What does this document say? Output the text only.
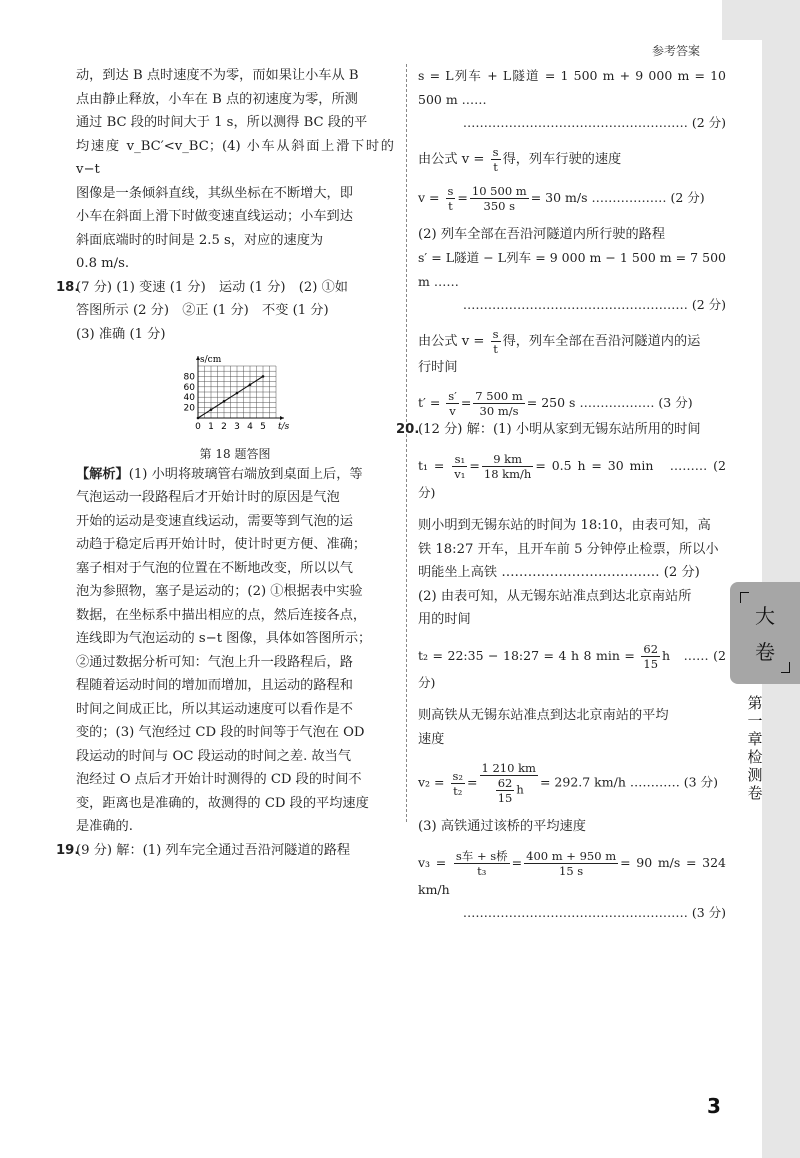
参考答案

动，到达 B 点时速度不为零，而如果让小车从 B

点由静止释放，小车在 B 点的初速度为零，所测

通过 BC 段的时间大于 1 s，所以测得 BC 段的平

均速度 v_BC′<v_BC；(4) 小车从斜面上滑下时的 v−t

图像是一条倾斜直线，其纵坐标在不断增大，即

小车在斜面上滑下时做变速直线运动；小车到达

斜面底端时的时间是 2.5 s，对应的速度为

0.8 m/s.

18.(7 分) (1) 变速 (1 分)　运动 (1 分)　(2) ①如

答图所示 (2 分)　②正 (1 分)　不变 (1 分)

(3) 准确 (1 分)

0 1 2 3 4 5
20
40
60
80
t/s
s/cm
第 18 题答图

【解析】(1) 小明将玻璃管右端放到桌面上后，等

气泡运动一段路程后才开始计时的原因是气泡

开始的运动是变速直线运动，需要等到气泡的运

动趋于稳定后再开始计时，使计时更方便、准确；

塞子相对于气泡的位置在不断地改变，所以以气

泡为参照物，塞子是运动的；(2) ①根据表中实验

数据，在坐标系中描出相应的点，然后连接各点，

连线即为气泡运动的 s−t 图像，具体如答图所示；

②通过数据分析可知：气泡上升一段路程后，路

程随着运动时间的增加而增加，且运动的路程和

时间之间成正比，所以其运动速度可以看作是不

变的；(3) 气泡经过 CD 段的时间等于气泡在 OD

段运动的时间与 OC 段运动的时间之差. 故当气

泡经过 O 点后才开始计时测得的 CD 段的时间不

变，距离也是准确的，故测得的 CD 段的平均速度

是准确的.

19.(9 分) 解：(1) 列车完全通过吾沿河隧道的路程

s = L列车 + L隧道 = 1 500 m + 9 000 m = 10 500 m ……

……………………………………………… (2 分)

由公式 $v = \frac{s}{t}$ 得，列车行驶的速度

$v = \frac{s}{t} = \frac{10 500 m}{350 s} = 30$ m/s ……………… (2 分)

(2) 列车全部在吾沿河隧道内所行驶的路程

s′ = L隧道 − L列车 = 9 000 m − 1 500 m = 7 500 m ……

……………………………………………… (2 分)

由公式 $v = \frac{s}{t}$ 得，列车全部在吾沿河隧道内的运

行时间

$t' = \frac{s'}{v} = \frac{7 500 m}{30 m/s} = 250$ s ……………… (3 分)

20.(12 分) 解：(1) 小明从家到无锡东站所用的时间

$t_1 = \frac{\text{s₁}}{\text{v₁}} = \frac{9 km}{18 km/h} = 0.5$ h = 30 min　……… (2 分)

则小明到无锡东站的时间为 18:10，由表可知，高

铁 18:27 开车，且开车前 5 分钟停止检票，所以小

明能坐上高铁 ……………………………… (2 分)

(2) 由表可知，从无锡东站准点到达北京南站所

用的时间

t₂ = 22:35 − 18:27 = 4 h 8 $\min = \frac{62}{15}$ h　…… (2 分)

则高铁从无锡东站准点到达北京南站的平均

速度

$v_2 = \frac{\text{s₂}}{\text{t₂}} = \frac{1 210 km}{\frac{62}{15} h} = 292.7$ km/h ………… (3 分)

(3) 高铁通过该桥的平均速度

$v_3 = \frac{\text{s车 + s桥}}{\text{t₃}} = \frac{400 m + 950 m}{15 s} = 90$ m/s = 324 km/h

……………………………………………… (3 分)

3
大
卷
第一章检测卷
